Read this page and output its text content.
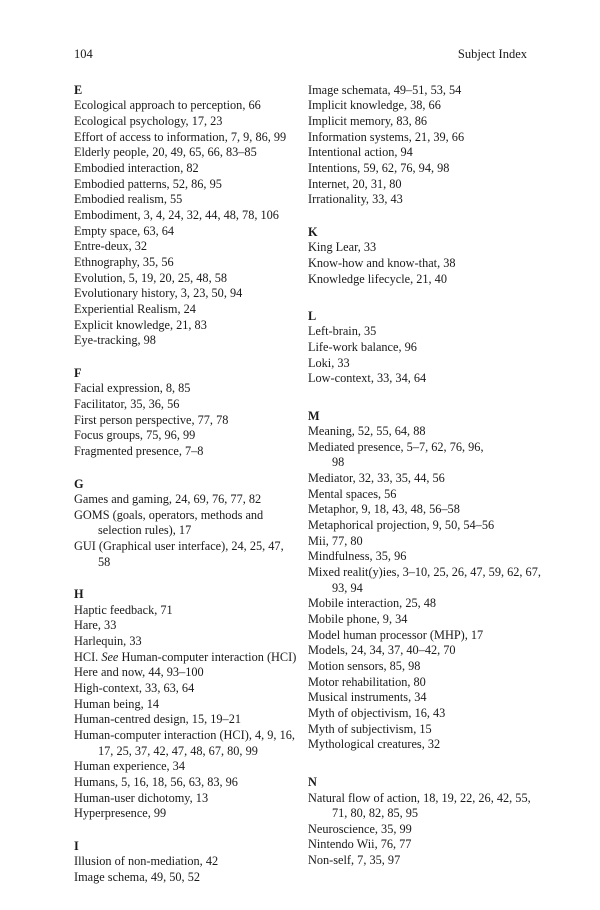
104	Subject Index
E
Ecological approach to perception, 66
Ecological psychology, 17, 23
Effort of access to information, 7, 9, 86, 99
Elderly people, 20, 49, 65, 66, 83–85
Embodied interaction, 82
Embodied patterns, 52, 86, 95
Embodied realism, 55
Embodiment, 3, 4, 24, 32, 44, 48, 78, 106
Empty space, 63, 64
Entre-deux, 32
Ethnography, 35, 56
Evolution, 5, 19, 20, 25, 48, 58
Evolutionary history, 3, 23, 50, 94
Experiential Realism, 24
Explicit knowledge, 21, 83
Eye-tracking, 98
F
Facial expression, 8, 85
Facilitator, 35, 36, 56
First person perspective, 77, 78
Focus groups, 75, 96, 99
Fragmented presence, 7–8
G
Games and gaming, 24, 69, 76, 77, 82
GOMS (goals, operators, methods and
selection rules), 17
GUI (Graphical user interface), 24, 25, 47,
58
H
Haptic feedback, 71
Hare, 33
Harlequin, 33
HCI. See Human-computer interaction (HCI)
Here and now, 44, 93–100
High-context, 33, 63, 64
Human being, 14
Human-centred design, 15, 19–21
Human-computer interaction (HCI), 4, 9, 16,
17, 25, 37, 42, 47, 48, 67, 80, 99
Human experience, 34
Humans, 5, 16, 18, 56, 63, 83, 96
Human-user dichotomy, 13
Hyperpresence, 99
I
Illusion of non-mediation, 42
Image schema, 49, 50, 52
Image schemata, 49–51, 53, 54
Implicit knowledge, 38, 66
Implicit memory, 83, 86
Information systems, 21, 39, 66
Intentional action, 94
Intentions, 59, 62, 76, 94, 98
Internet, 20, 31, 80
Irrationality, 33, 43
K
King Lear, 33
Know-how and know-that, 38
Knowledge lifecycle, 21, 40
L
Left-brain, 35
Life-work balance, 96
Loki, 33
Low-context, 33, 34, 64
M
Meaning, 52, 55, 64, 88
Mediated presence, 5–7, 62, 76, 96,
98
Mediator, 32, 33, 35, 44, 56
Mental spaces, 56
Metaphor, 9, 18, 43, 48, 56–58
Metaphorical projection, 9, 50, 54–56
Mii, 77, 80
Mindfulness, 35, 96
Mixed realit(y)ies, 3–10, 25, 26, 47, 59, 62, 67,
93, 94
Mobile interaction, 25, 48
Mobile phone, 9, 34
Model human processor (MHP), 17
Models, 24, 34, 37, 40–42, 70
Motion sensors, 85, 98
Motor rehabilitation, 80
Musical instruments, 34
Myth of objectivism, 16, 43
Myth of subjectivism, 15
Mythological creatures, 32
N
Natural flow of action, 18, 19, 22, 26, 42, 55,
71, 80, 82, 85, 95
Neuroscience, 35, 99
Nintendo Wii, 76, 77
Non-self, 7, 35, 97
